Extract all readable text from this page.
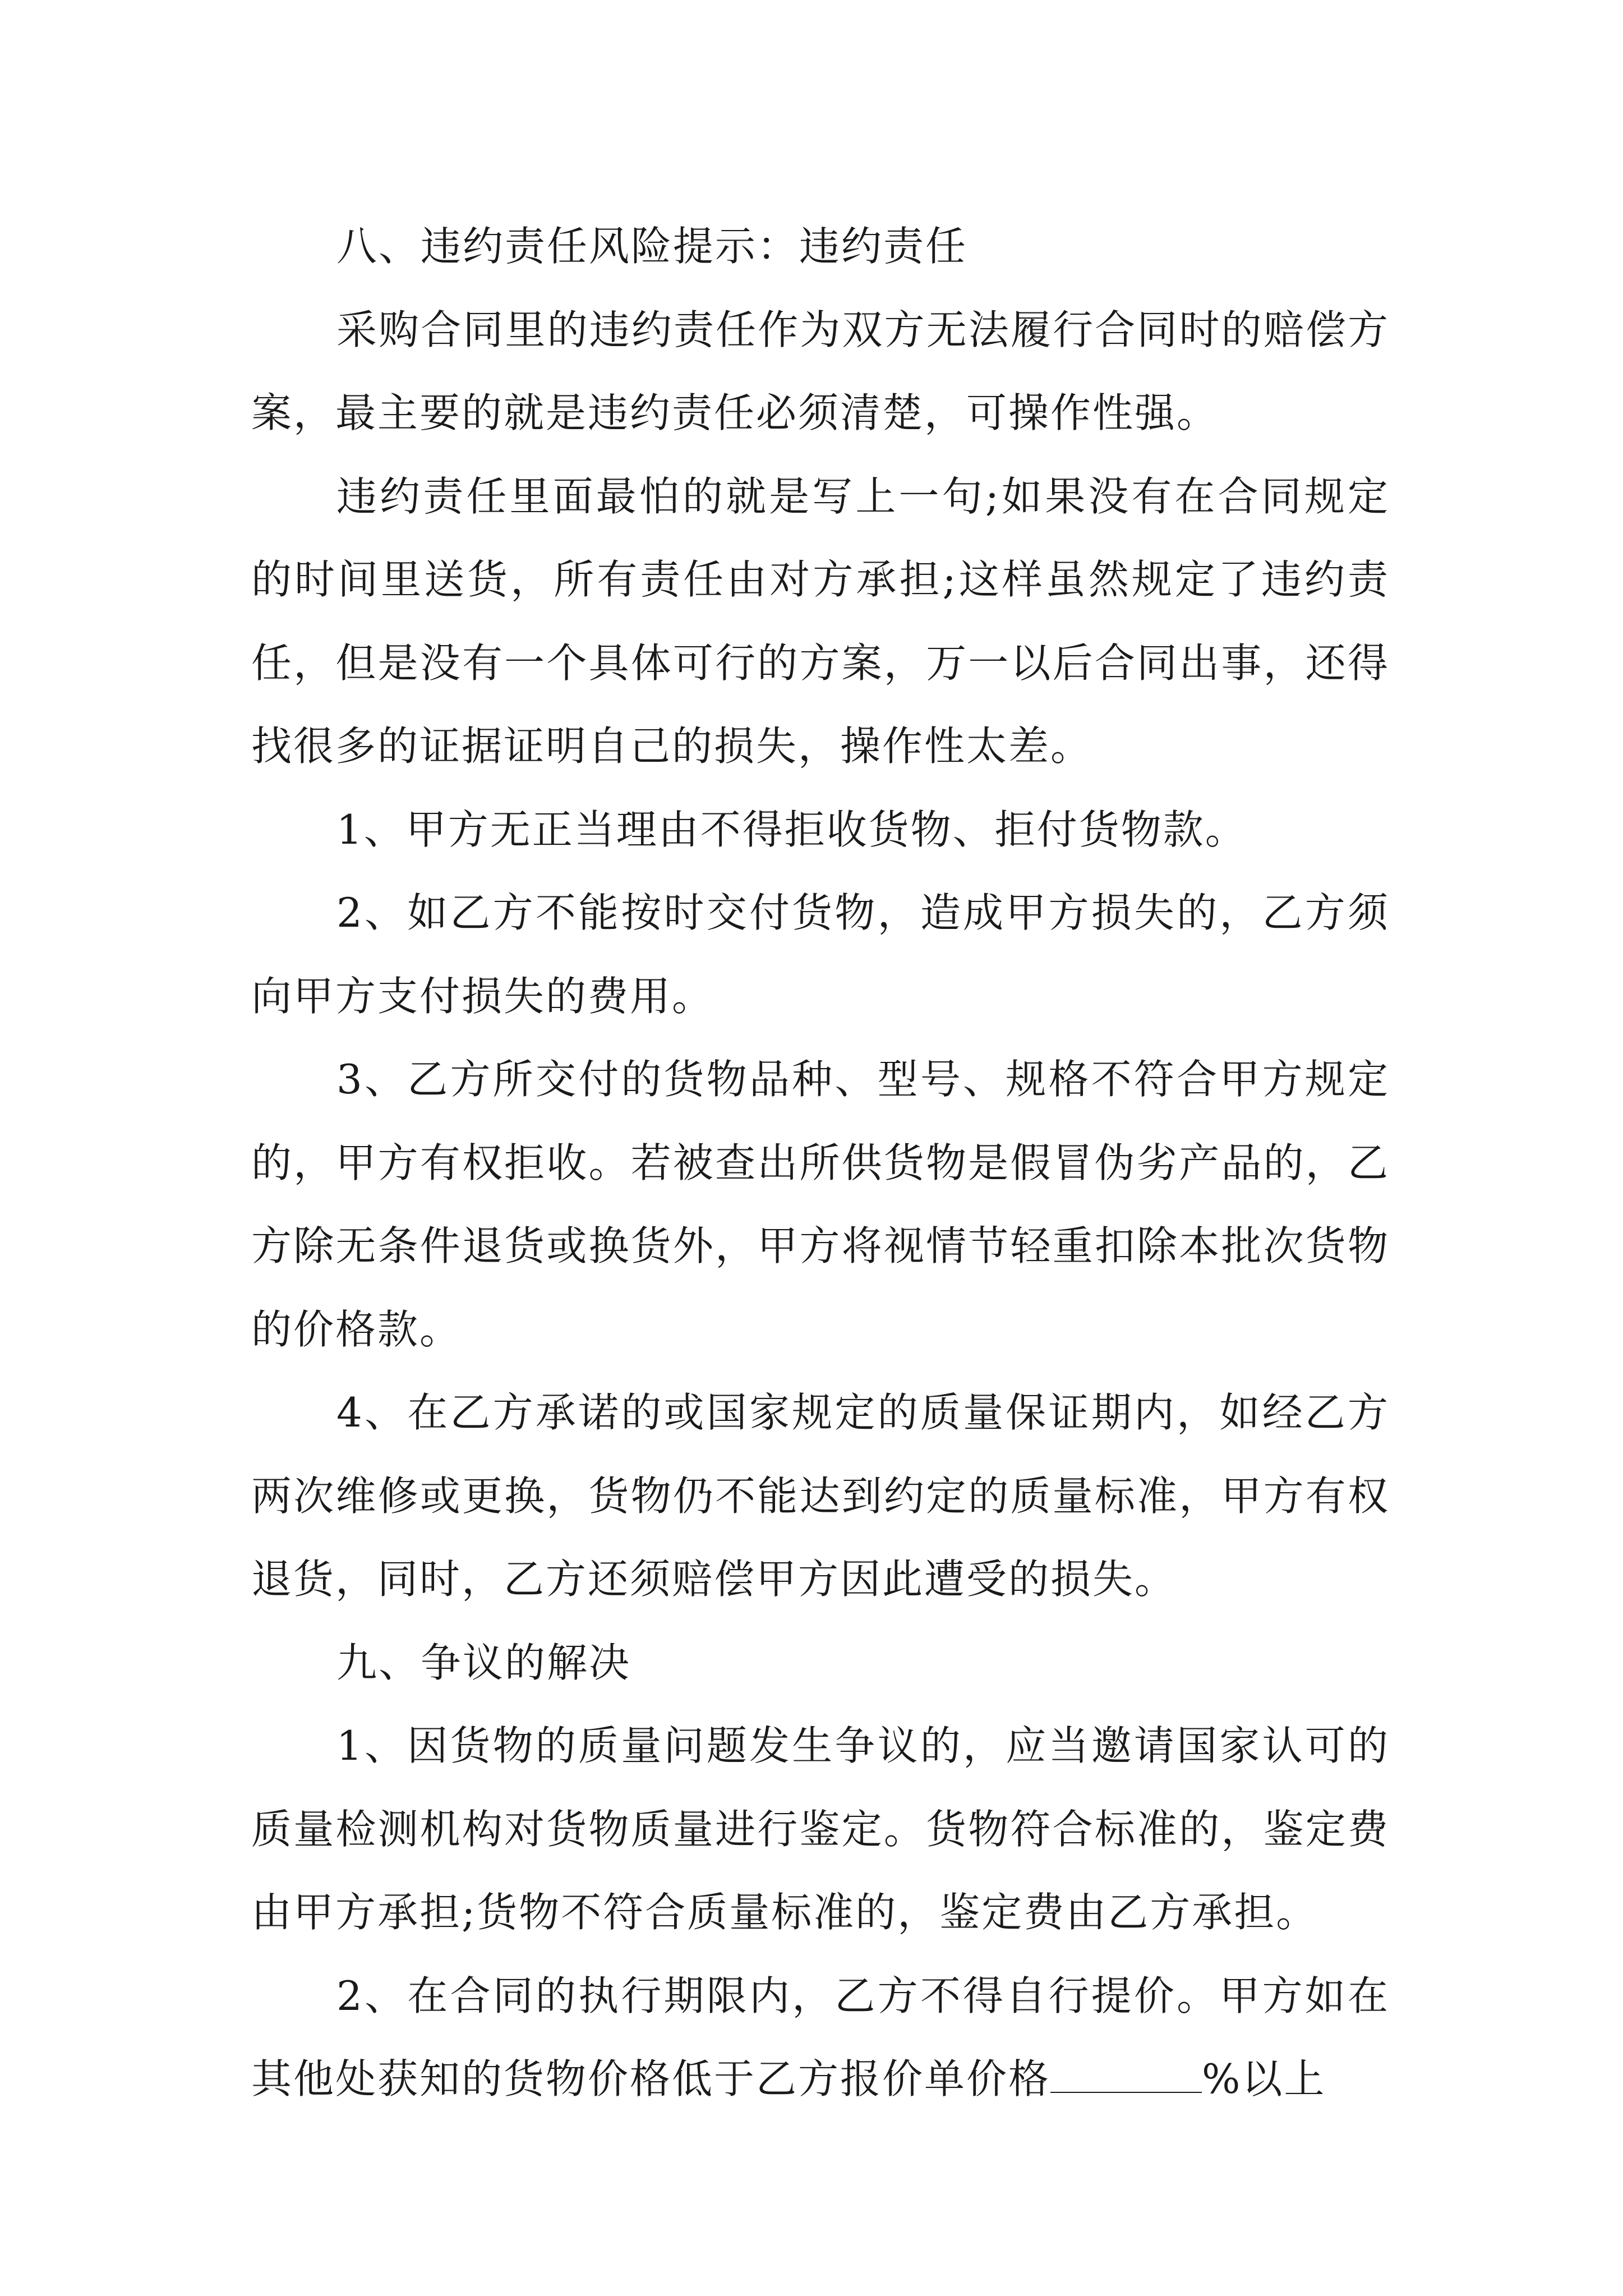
八、违约责任风险提示：违约责任

采购合同里的违约责任作为双方无法履行合同时的赔偿方案，最主要的就是违约责任必须清楚，可操作性强。

违约责任里面最怕的就是写上一句;如果没有在合同规定的时间里送货，所有责任由对方承担;这样虽然规定了违约责任，但是没有一个具体可行的方案，万一以后合同出事，还得找很多的证据证明自己的损失，操作性太差。

1、甲方无正当理由不得拒收货物、拒付货物款。

2、如乙方不能按时交付货物，造成甲方损失的，乙方须向甲方支付损失的费用。

3、乙方所交付的货物品种、型号、规格不符合甲方规定的，甲方有权拒收。若被查出所供货物是假冒伪劣产品的，乙方除无条件退货或换货外，甲方将视情节轻重扣除本批次货物的价格款。

4、在乙方承诺的或国家规定的质量保证期内，如经乙方两次维修或更换，货物仍不能达到约定的质量标准，甲方有权退货，同时，乙方还须赔偿甲方因此遭受的损失。

九、争议的解决

1、因货物的质量问题发生争议的，应当邀请国家认可的质量检测机构对货物质量进行鉴定。货物符合标准的，鉴定费由甲方承担;货物不符合质量标准的，鉴定费由乙方承担。

2、在合同的执行期限内，乙方不得自行提价。甲方如在其他处获知的货物价格低于乙方报价单价格	%以上
